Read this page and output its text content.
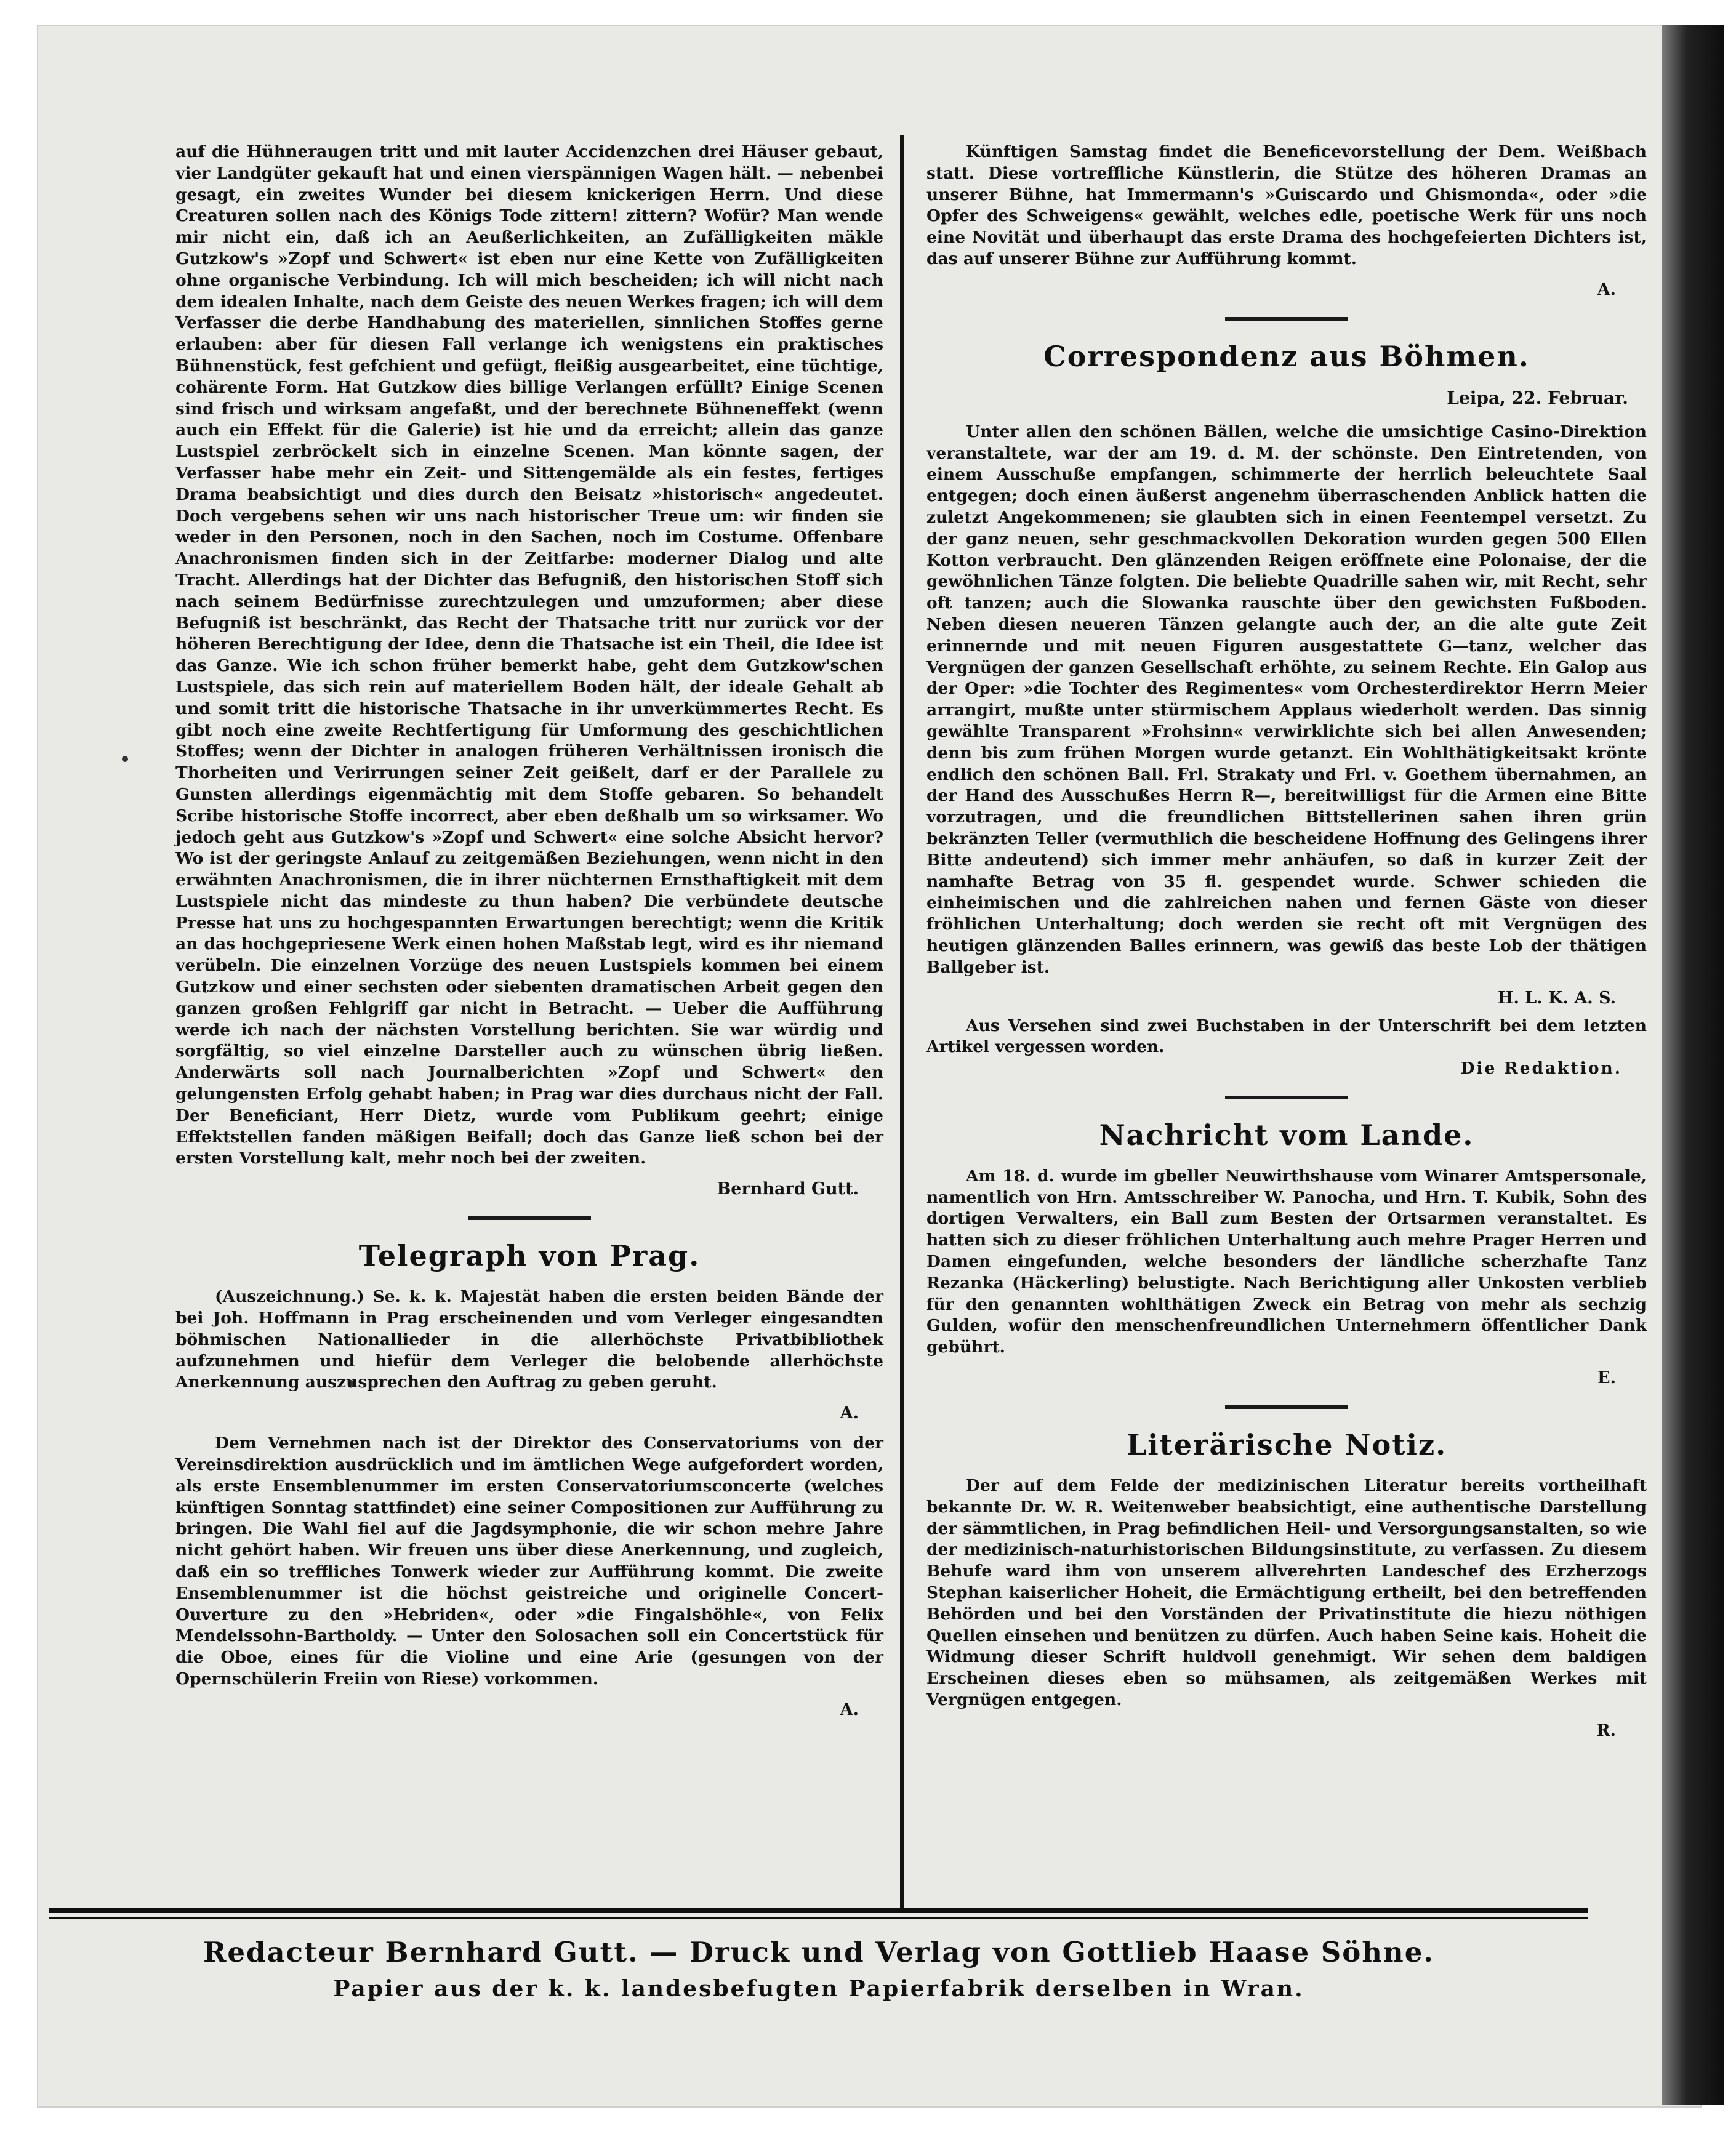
auf die Hühneraugen tritt und mit lauter Accidenzchen drei Häuser gebaut, vier Landgüter gekauft hat und einen vierspännigen Wagen hält. — nebenbei gesagt, ein zweites Wunder bei diesem knickerigen Herrn. Und diese Creaturen sollen nach des Königs Tode zittern! zittern? Wofür? Man wende mir nicht ein, daß ich an Aeußerlichkeiten, an Zufälligkeiten mäkle Gutzkow's »Zopf und Schwert« ist eben nur eine Kette von Zufälligkeiten ohne organische Verbindung. Ich will mich bescheiden; ich will nicht nach dem idealen Inhalte, nach dem Geiste des neuen Werkes fragen; ich will dem Verfasser die derbe Handhabung des materiellen, sinnlichen Stoffes gerne erlauben: aber für diesen Fall verlange ich wenigstens ein praktisches Bühnenstück, fest gefchient und gefügt, fleißig ausgearbeitet, eine tüchtige, cohärente Form. Hat Gutzkow dies billige Verlangen erfüllt? Einige Scenen sind frisch und wirksam angefaßt, und der berechnete Bühneneffekt (wenn auch ein Effekt für die Galerie) ist hie und da erreicht; allein das ganze Lustspiel zerbröckelt sich in einzelne Scenen. Man könnte sagen, der Verfasser habe mehr ein Zeit- und Sittengemälde als ein festes, fertiges Drama beabsichtigt und dies durch den Beisatz »historisch« angedeutet. Doch vergebens sehen wir uns nach historischer Treue um: wir finden sie weder in den Personen, noch in den Sachen, noch im Costume. Offenbare Anachronismen finden sich in der Zeitfarbe: moderner Dialog und alte Tracht. Allerdings hat der Dichter das Befugniß, den historischen Stoff sich nach seinem Bedürfnisse zurechtzulegen und umzuformen; aber diese Befugniß ist beschränkt, das Recht der Thatsache tritt nur zurück vor der höheren Berechtigung der Idee, denn die Thatsache ist ein Theil, die Idee ist das Ganze. Wie ich schon früher bemerkt habe, geht dem Gutzkow'schen Lustspiele, das sich rein auf materiellem Boden hält, der ideale Gehalt ab und somit tritt die historische Thatsache in ihr unverkümmertes Recht. Es gibt noch eine zweite Rechtfertigung für Umformung des geschichtlichen Stoffes; wenn der Dichter in analogen früheren Verhältnissen ironisch die Thorheiten und Verirrungen seiner Zeit geißelt, darf er der Parallele zu Gunsten allerdings eigenmächtig mit dem Stoffe gebaren. So behandelt Scribe historische Stoffe incorrect, aber eben deßhalb um so wirksamer. Wo jedoch geht aus Gutzkow's »Zopf und Schwert« eine solche Absicht hervor? Wo ist der geringste Anlauf zu zeitgemäßen Beziehungen, wenn nicht in den erwähnten Anachronismen, die in ihrer nüchternen Ernsthaftigkeit mit dem Lustspiele nicht das mindeste zu thun haben? Die verbündete deutsche Presse hat uns zu hochgespannten Erwartungen berechtigt; wenn die Kritik an das hochgepriesene Werk einen hohen Maßstab legt, wird es ihr niemand verübeln. Die einzelnen Vorzüge des neuen Lustspiels kommen bei einem Gutzkow und einer sechsten oder siebenten dramatischen Arbeit gegen den ganzen großen Fehlgriff gar nicht in Betracht. — Ueber die Aufführung werde ich nach der nächsten Vorstellung berichten. Sie war würdig und sorgfältig, so viel einzelne Darsteller auch zu wünschen übrig ließen. Anderwärts soll nach Journalberichten »Zopf und Schwert« den gelungensten Erfolg gehabt haben; in Prag war dies durchaus nicht der Fall. Der Beneficiant, Herr Dietz, wurde vom Publikum geehrt; einige Effektstellen fanden mäßigen Beifall; doch das Ganze ließ schon bei der ersten Vorstellung kalt, mehr noch bei der zweiten.

Bernhard Gutt.
Telegraph von Prag.

(Auszeichnung.) Se. k. k. Majestät haben die ersten beiden Bände der bei Joh. Hoffmann in Prag erscheinenden und vom Verleger eingesandten böhmischen Nationallieder in die allerhöchste Privatbibliothek aufzunehmen und hiefür dem Verleger die belobende allerhöchste Anerkennung auszusprechen den Auftrag zu geben geruht.

A.

Dem Vernehmen nach ist der Direktor des Conservatoriums von der Vereinsdirektion ausdrücklich und im ämtlichen Wege aufgefordert worden, als erste Ensemblenummer im ersten Conservatoriumsconcerte (welches künftigen Sonntag stattfindet) eine seiner Compositionen zur Aufführung zu bringen. Die Wahl fiel auf die Jagdsymphonie, die wir schon mehre Jahre nicht gehört haben. Wir freuen uns über diese Anerkennung, und zugleich, daß ein so treffliches Tonwerk wieder zur Aufführung kommt. Die zweite Ensemblenummer ist die höchst geistreiche und originelle Concert-Ouverture zu den »Hebriden«, oder »die Fingalshöhle«, von Felix Mendelssohn-Bartholdy. — Unter den Solosachen soll ein Concertstück für die Oboe, eines für die Violine und eine Arie (gesungen von der Opernschülerin Freiin von Riese) vorkommen.

A.

Künftigen Samstag findet die Beneficevorstellung der Dem. Weißbach statt. Diese vortreffliche Künstlerin, die Stütze des höheren Dramas an unserer Bühne, hat Immermann's »Guiscardo und Ghismonda«, oder »die Opfer des Schweigens« gewählt, welches edle, poetische Werk für uns noch eine Novität und überhaupt das erste Drama des hochgefeierten Dichters ist, das auf unserer Bühne zur Aufführung kommt.

A.
Correspondenz aus Böhmen.
Leipa, 22. Februar.

Unter allen den schönen Bällen, welche die umsichtige Casino-Direktion veranstaltete, war der am 19. d. M. der schönste. Den Eintretenden, von einem Ausschuße empfangen, schimmerte der herrlich beleuchtete Saal entgegen; doch einen äußerst angenehm überraschenden Anblick hatten die zuletzt Angekommenen; sie glaubten sich in einen Feentempel versetzt. Zu der ganz neuen, sehr geschmackvollen Dekoration wurden gegen 500 Ellen Kotton verbraucht. Den glänzenden Reigen eröffnete eine Polonaise, der die gewöhnlichen Tänze folgten. Die beliebte Quadrille sahen wir, mit Recht, sehr oft tanzen; auch die Slowanka rauschte über den gewichsten Fußboden. Neben diesen neueren Tänzen gelangte auch der, an die alte gute Zeit erinnernde und mit neuen Figuren ausgestattete G—tanz, welcher das Vergnügen der ganzen Gesellschaft erhöhte, zu seinem Rechte. Ein Galop aus der Oper: »die Tochter des Regimentes« vom Orchesterdirektor Herrn Meier arrangirt, mußte unter stürmischem Applaus wiederholt werden. Das sinnig gewählte Transparent »Frohsinn« verwirklichte sich bei allen Anwesenden; denn bis zum frühen Morgen wurde getanzt. Ein Wohlthätigkeitsakt krönte endlich den schönen Ball. Frl. Strakaty und Frl. v. Goethem übernahmen, an der Hand des Ausschußes Herrn R—, bereitwilligst für die Armen eine Bitte vorzutragen, und die freundlichen Bittstellerinen sahen ihren grün bekränzten Teller (vermuthlich die bescheidene Hoffnung des Gelingens ihrer Bitte andeutend) sich immer mehr anhäufen, so daß in kurzer Zeit der namhafte Betrag von 35 fl. gespendet wurde. Schwer schieden die einheimischen und die zahlreichen nahen und fernen Gäste von dieser fröhlichen Unterhaltung; doch werden sie recht oft mit Vergnügen des heutigen glänzenden Balles erinnern, was gewiß das beste Lob der thätigen Ballgeber ist.

H. L. K. A. S.

Aus Versehen sind zwei Buchstaben in der Unterschrift bei dem letzten Artikel vergessen worden.
Die Redaktion.

Nachricht vom Lande.

Am 18. d. wurde im gbeller Neuwirthshause vom Winarer Amtspersonale, namentlich von Hrn. Amtsschreiber W. Panocha, und Hrn. T. Kubik, Sohn des dortigen Verwalters, ein Ball zum Besten der Ortsarmen veranstaltet. Es hatten sich zu dieser fröhlichen Unterhaltung auch mehre Prager Herren und Damen eingefunden, welche besonders der ländliche scherzhafte Tanz Rezanka (Häckerling) belustigte. Nach Berichtigung aller Unkosten verblieb für den genannten wohlthätigen Zweck ein Betrag von mehr als sechzig Gulden, wofür den menschenfreundlichen Unternehmern öffentlicher Dank gebührt.

E.
Literärische Notiz.

Der auf dem Felde der medizinischen Literatur bereits vortheilhaft bekannte Dr. W. R. Weitenweber beabsichtigt, eine authentische Darstellung der sämmtlichen, in Prag befindlichen Heil- und Versorgungsanstalten, so wie der medizinisch-naturhistorischen Bildungsinstitute, zu verfassen. Zu diesem Behufe ward ihm von unserem allverehrten Landeschef des Erzherzogs Stephan kaiserlicher Hoheit, die Ermächtigung ertheilt, bei den betreffenden Behörden und bei den Vorständen der Privatinstitute die hiezu nöthigen Quellen einsehen und benützen zu dürfen. Auch haben Seine kais. Hoheit die Widmung dieser Schrift huldvoll genehmigt. Wir sehen dem baldigen Erscheinen dieses eben so mühsamen, als zeitgemäßen Werkes mit Vergnügen entgegen.

R.
Redacteur Bernhard Gutt. — Druck und Verlag von Gottlieb Haase Söhne.
Papier aus der k. k. landesbefugten Papierfabrik derselben in Wran.
